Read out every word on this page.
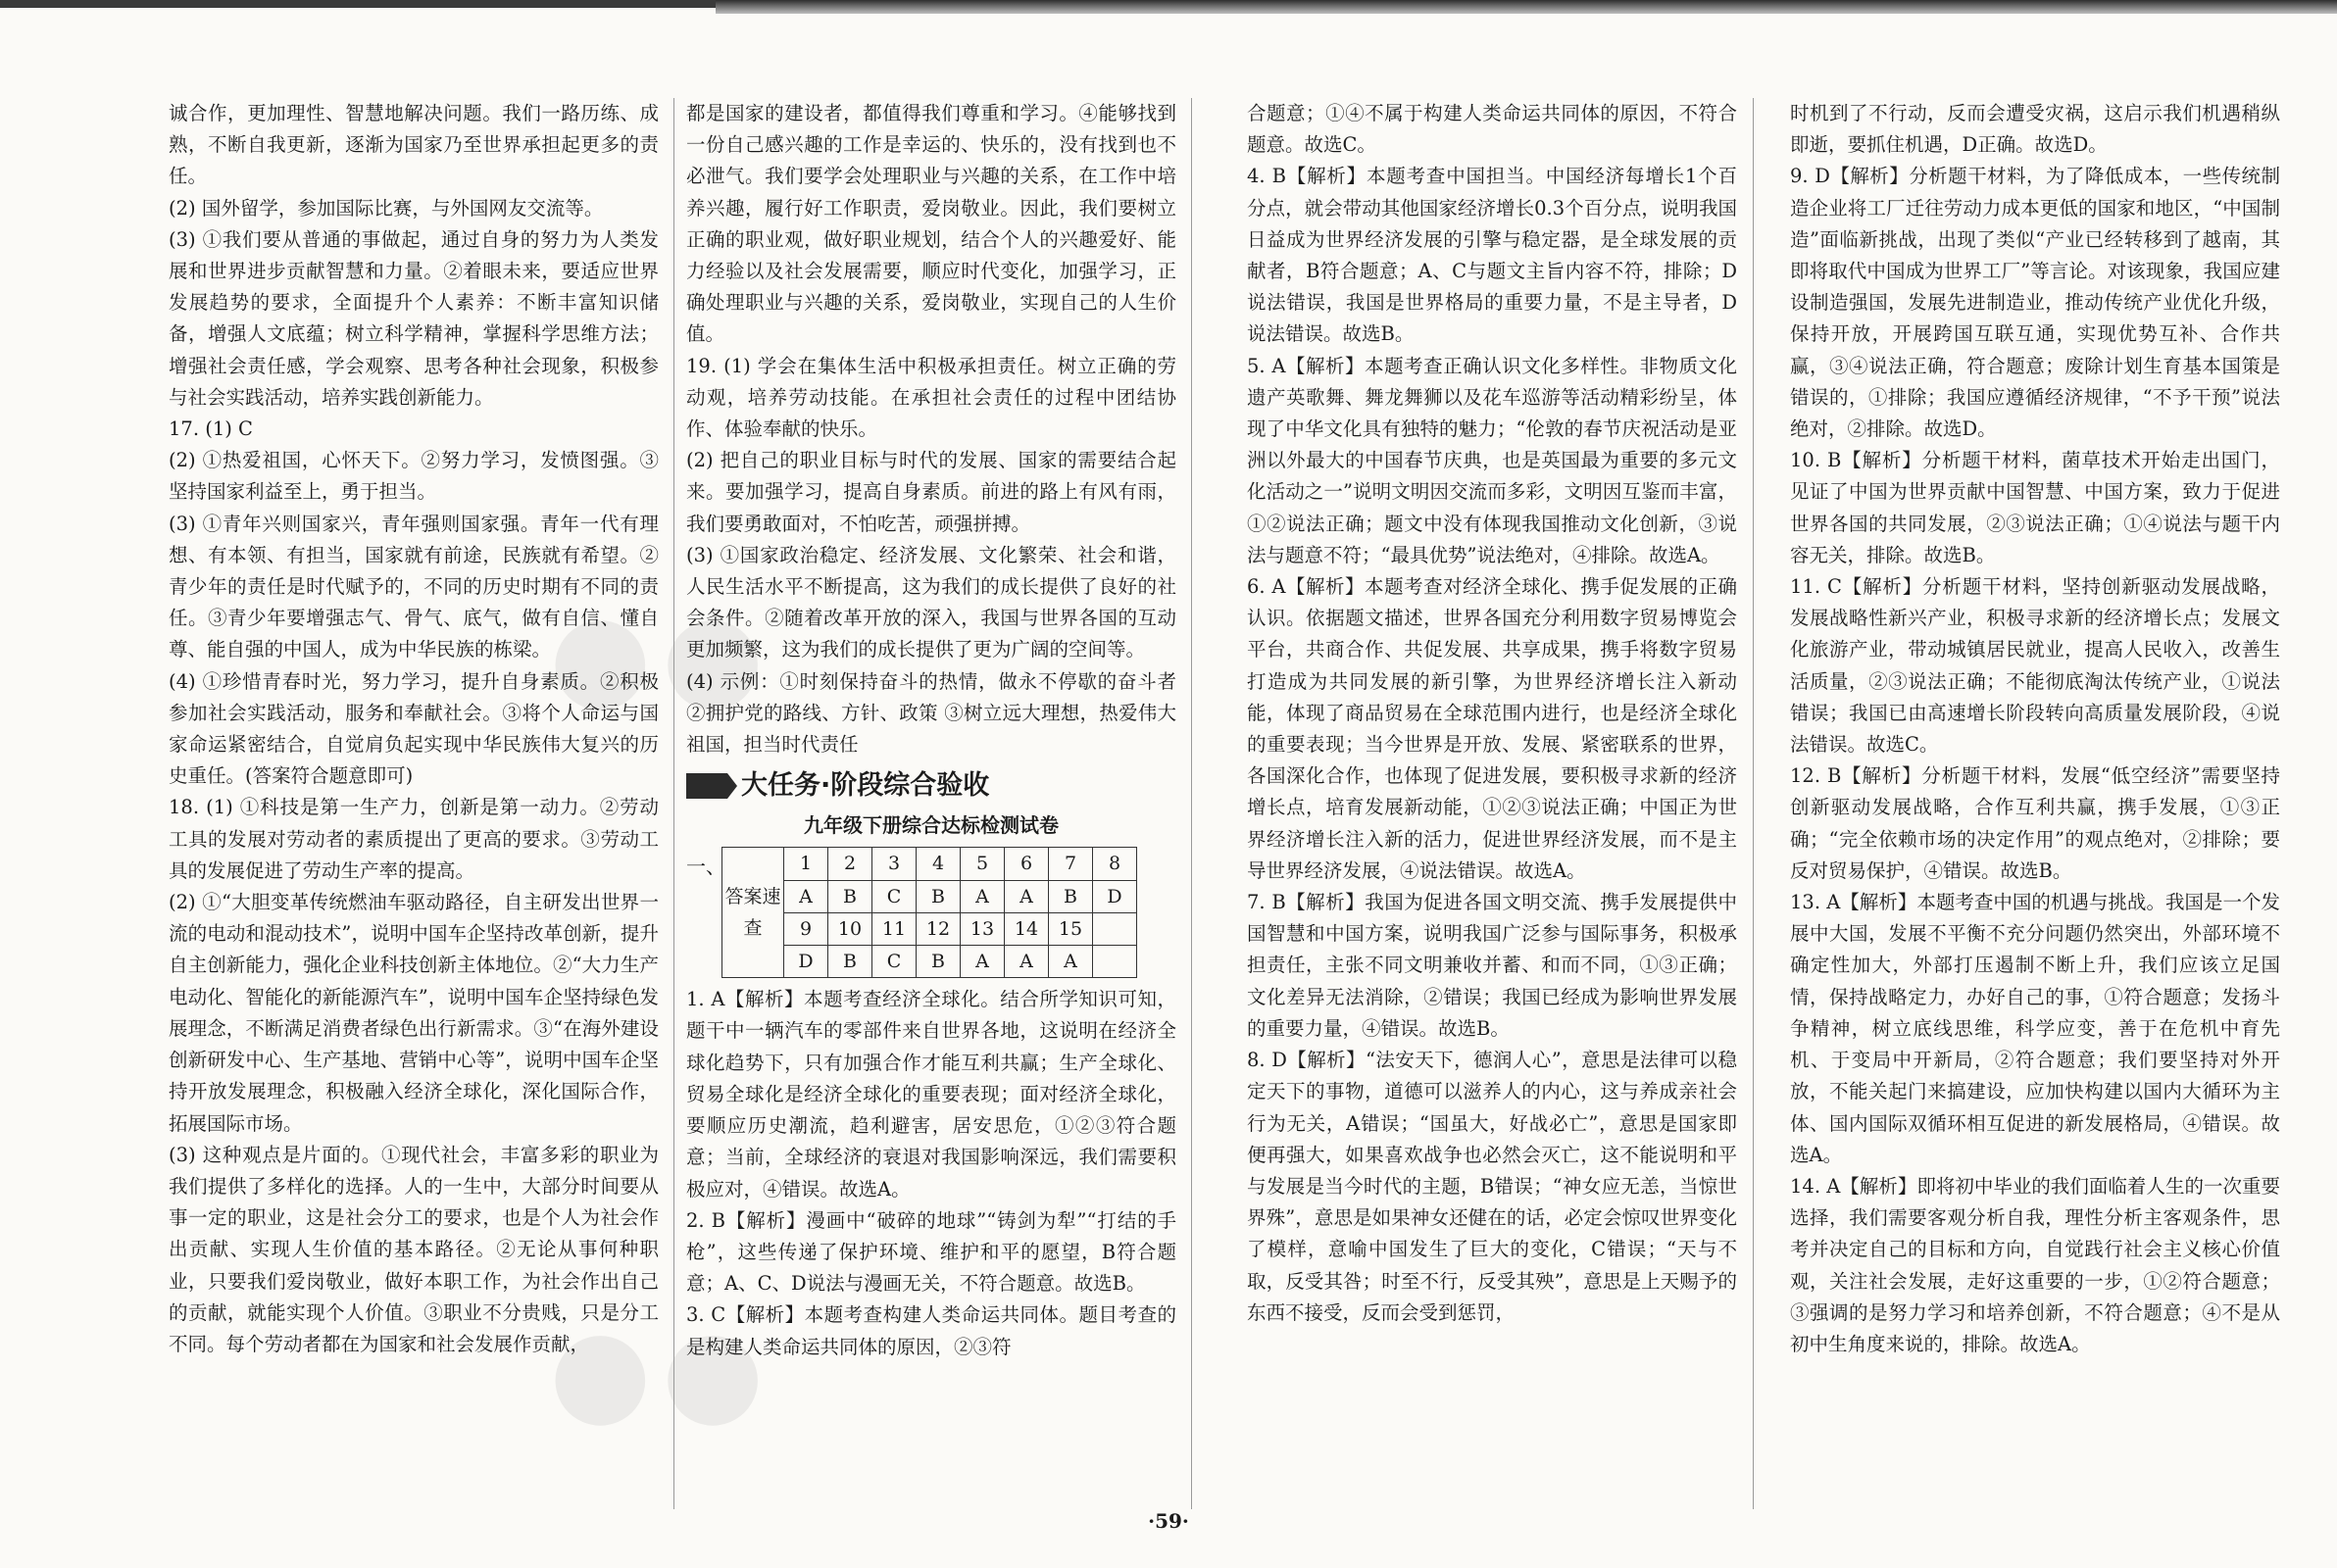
●●
●●

诚合作，更加理性、智慧地解决问题。我们一路历练、成熟，不断自我更新，逐渐为国家乃至世界承担起更多的责任。

(2) 国外留学，参加国际比赛，与外国网友交流等。

(3) ①我们要从普通的事做起，通过自身的努力为人类发展和世界进步贡献智慧和力量。②着眼未来，要适应世界发展趋势的要求，全面提升个人素养：不断丰富知识储备，增强人文底蕴；树立科学精神，掌握科学思维方法；增强社会责任感，学会观察、思考各种社会现象，积极参与社会实践活动，培养实践创新能力。

17. (1) C

(2) ①热爱祖国，心怀天下。②努力学习，发愤图强。③坚持国家利益至上，勇于担当。

(3) ①青年兴则国家兴，青年强则国家强。青年一代有理想、有本领、有担当，国家就有前途，民族就有希望。②青少年的责任是时代赋予的，不同的历史时期有不同的责任。③青少年要增强志气、骨气、底气，做有自信、懂自尊、能自强的中国人，成为中华民族的栋梁。

(4) ①珍惜青春时光，努力学习，提升自身素质。②积极参加社会实践活动，服务和奉献社会。③将个人命运与国家命运紧密结合，自觉肩负起实现中华民族伟大复兴的历史重任。(答案符合题意即可)

18. (1) ①科技是第一生产力，创新是第一动力。②劳动工具的发展对劳动者的素质提出了更高的要求。③劳动工具的发展促进了劳动生产率的提高。

(2) ①“大胆变革传统燃油车驱动路径，自主研发出世界一流的电动和混动技术”，说明中国车企坚持改革创新，提升自主创新能力，强化企业科技创新主体地位。②“大力生产电动化、智能化的新能源汽车”，说明中国车企坚持绿色发展理念，不断满足消费者绿色出行新需求。③“在海外建设创新研发中心、生产基地、营销中心等”，说明中国车企坚持开放发展理念，积极融入经济全球化，深化国际合作，拓展国际市场。

(3) 这种观点是片面的。①现代社会，丰富多彩的职业为我们提供了多样化的选择。人的一生中，大部分时间要从事一定的职业，这是社会分工的要求，也是个人为社会作出贡献、实现人生价值的基本路径。②无论从事何种职业，只要我们爱岗敬业，做好本职工作，为社会作出自己的贡献，就能实现个人价值。③职业不分贵贱，只是分工不同。每个劳动者都在为国家和社会发展作贡献，

都是国家的建设者，都值得我们尊重和学习。④能够找到一份自己感兴趣的工作是幸运的、快乐的，没有找到也不必泄气。我们要学会处理职业与兴趣的关系，在工作中培养兴趣，履行好工作职责，爱岗敬业。因此，我们要树立正确的职业观，做好职业规划，结合个人的兴趣爱好、能力经验以及社会发展需要，顺应时代变化，加强学习，正确处理职业与兴趣的关系，爱岗敬业，实现自己的人生价值。

19. (1) 学会在集体生活中积极承担责任。树立正确的劳动观，培养劳动技能。在承担社会责任的过程中团结协作、体验奉献的快乐。

(2) 把自己的职业目标与时代的发展、国家的需要结合起来。要加强学习，提高自身素质。前进的路上有风有雨，我们要勇敢面对，不怕吃苦，顽强拼搏。

(3) ①国家政治稳定、经济发展、文化繁荣、社会和谐，人民生活水平不断提高，这为我们的成长提供了良好的社会条件。②随着改革开放的深入，我国与世界各国的互动更加频繁，这为我们的成长提供了更为广阔的空间等。

(4) 示例：①时刻保持奋斗的热情，做永不停歇的奋斗者 ②拥护党的路线、方针、政策 ③树立远大理想，热爱伟大祖国，担当时代责任

大任务·阶段综合验收
九年级下册综合达标检测试卷
一、
答案速查	1	2	3	4	5	6	7	8
	A	B	C	B	A	A	B	D
	9	10	11	12	13	14	15	
	D	B	C	B	A	A	A	

1. A【解析】本题考查经济全球化。结合所学知识可知，题干中一辆汽车的零部件来自世界各地，这说明在经济全球化趋势下，只有加强合作才能互利共赢；生产全球化、贸易全球化是经济全球化的重要表现；面对经济全球化，要顺应历史潮流，趋利避害，居安思危，①②③符合题意；当前，全球经济的衰退对我国影响深远，我们需要积极应对，④错误。故选A。

2. B【解析】漫画中“破碎的地球”“铸剑为犁”“打结的手枪”，这些传递了保护环境、维护和平的愿望，B符合题意；A、C、D说法与漫画无关，不符合题意。故选B。

3. C【解析】本题考查构建人类命运共同体。题目考查的是构建人类命运共同体的原因，②③符

合题意；①④不属于构建人类命运共同体的原因，不符合题意。故选C。

4. B【解析】本题考查中国担当。中国经济每增长1个百分点，就会带动其他国家经济增长0.3个百分点，说明我国日益成为世界经济发展的引擎与稳定器，是全球发展的贡献者，B符合题意；A、C与题文主旨内容不符，排除；D说法错误，我国是世界格局的重要力量，不是主导者，D说法错误。故选B。

5. A【解析】本题考查正确认识文化多样性。非物质文化遗产英歌舞、舞龙舞狮以及花车巡游等活动精彩纷呈，体现了中华文化具有独特的魅力；“伦敦的春节庆祝活动是亚洲以外最大的中国春节庆典，也是英国最为重要的多元文化活动之一”说明文明因交流而多彩，文明因互鉴而丰富，①②说法正确；题文中没有体现我国推动文化创新，③说法与题意不符；“最具优势”说法绝对，④排除。故选A。

6. A【解析】本题考查对经济全球化、携手促发展的正确认识。依据题文描述，世界各国充分利用数字贸易博览会平台，共商合作、共促发展、共享成果，携手将数字贸易打造成为共同发展的新引擎，为世界经济增长注入新动能，体现了商品贸易在全球范围内进行，也是经济全球化的重要表现；当今世界是开放、发展、紧密联系的世界，各国深化合作，也体现了促进发展，要积极寻求新的经济增长点，培育发展新动能，①②③说法正确；中国正为世界经济增长注入新的活力，促进世界经济发展，而不是主导世界经济发展，④说法错误。故选A。

7. B【解析】我国为促进各国文明交流、携手发展提供中国智慧和中国方案，说明我国广泛参与国际事务，积极承担责任，主张不同文明兼收并蓄、和而不同，①③正确；文化差异无法消除，②错误；我国已经成为影响世界发展的重要力量，④错误。故选B。

8. D【解析】“法安天下，德润人心”，意思是法律可以稳定天下的事物，道德可以滋养人的内心，这与养成亲社会行为无关，A错误；“国虽大，好战必亡”，意思是国家即便再强大，如果喜欢战争也必然会灭亡，这不能说明和平与发展是当今时代的主题，B错误；“神女应无恙，当惊世界殊”，意思是如果神女还健在的话，必定会惊叹世界变化了模样，意喻中国发生了巨大的变化，C错误；“天与不取，反受其咎；时至不行，反受其殃”，意思是上天赐予的东西不接受，反而会受到惩罚，

时机到了不行动，反而会遭受灾祸，这启示我们机遇稍纵即逝，要抓住机遇，D正确。故选D。

9. D【解析】分析题干材料，为了降低成本，一些传统制造企业将工厂迁往劳动力成本更低的国家和地区，“中国制造”面临新挑战，出现了类似“产业已经转移到了越南，其即将取代中国成为世界工厂”等言论。对该现象，我国应建设制造强国，发展先进制造业，推动传统产业优化升级，保持开放，开展跨国互联互通，实现优势互补、合作共赢，③④说法正确，符合题意；废除计划生育基本国策是错误的，①排除；我国应遵循经济规律，“不予干预”说法绝对，②排除。故选D。

10. B【解析】分析题干材料，菌草技术开始走出国门，见证了中国为世界贡献中国智慧、中国方案，致力于促进世界各国的共同发展，②③说法正确；①④说法与题干内容无关，排除。故选B。

11. C【解析】分析题干材料，坚持创新驱动发展战略，发展战略性新兴产业，积极寻求新的经济增长点；发展文化旅游产业，带动城镇居民就业，提高人民收入，改善生活质量，②③说法正确；不能彻底淘汰传统产业，①说法错误；我国已由高速增长阶段转向高质量发展阶段，④说法错误。故选C。

12. B【解析】分析题干材料，发展“低空经济”需要坚持创新驱动发展战略，合作互利共赢，携手发展，①③正确；“完全依赖市场的决定作用”的观点绝对，②排除；要反对贸易保护，④错误。故选B。

13. A【解析】本题考查中国的机遇与挑战。我国是一个发展中大国，发展不平衡不充分问题仍然突出，外部环境不确定性加大，外部打压遏制不断上升，我们应该立足国情，保持战略定力，办好自己的事，①符合题意；发扬斗争精神，树立底线思维，科学应变，善于在危机中育先机、于变局中开新局，②符合题意；我们要坚持对外开放，不能关起门来搞建设，应加快构建以国内大循环为主体、国内国际双循环相互促进的新发展格局，④错误。故选A。

14. A【解析】即将初中毕业的我们面临着人生的一次重要选择，我们需要客观分析自我，理性分析主客观条件，思考并决定自己的目标和方向，自觉践行社会主义核心价值观，关注社会发展，走好这重要的一步，①②符合题意；③强调的是努力学习和培养创新，不符合题意；④不是从初中生角度来说的，排除。故选A。

·59·
